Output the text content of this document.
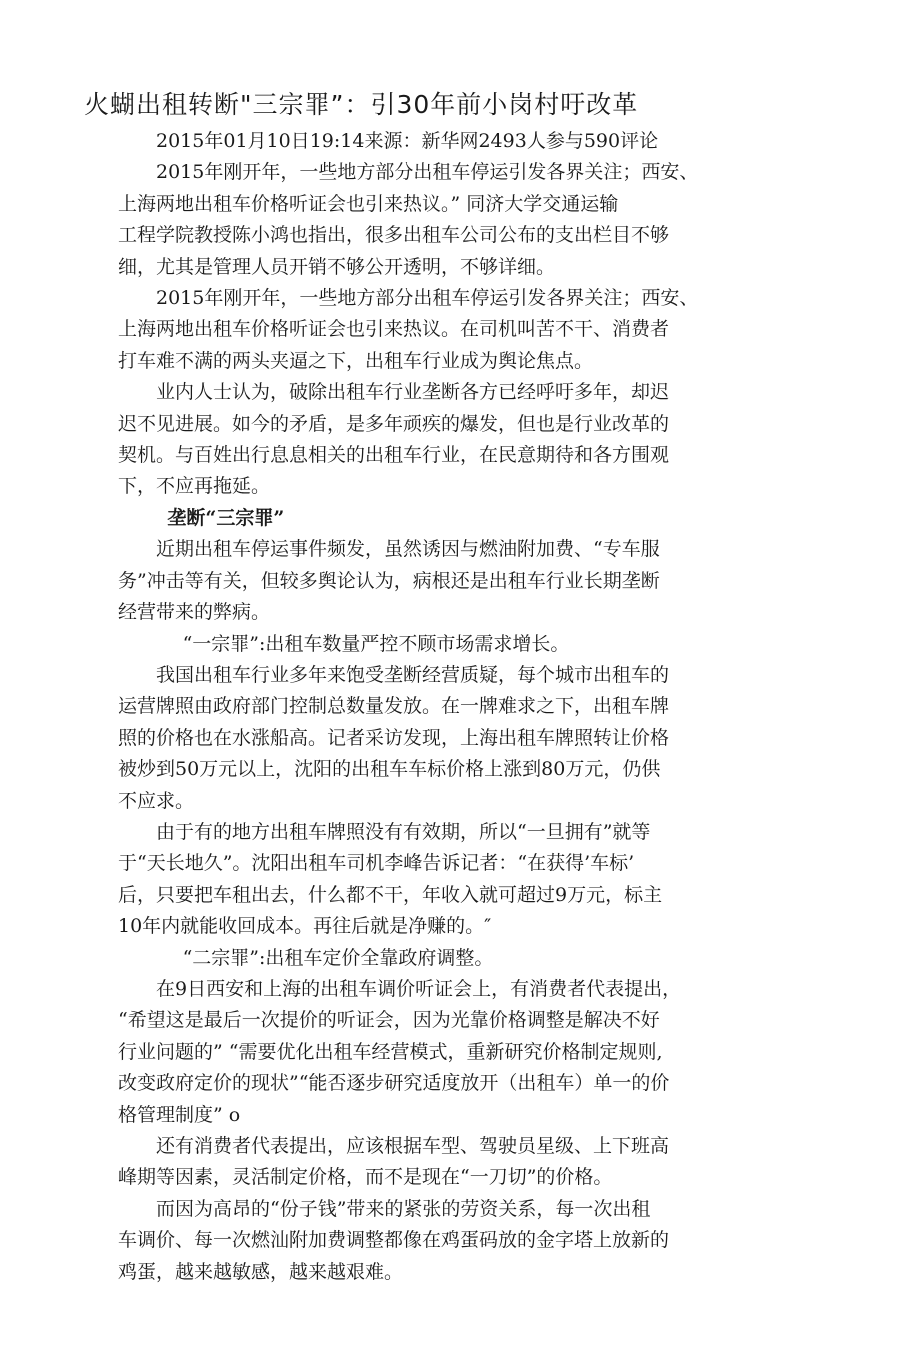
火蝴出租转断"三宗罪”：引30年前小岗村吁改革

2015年01月10日19:14来源：新华网2493人参与590评论

2015年刚开年，一些地方部分出租车停运引发各界关注；西安、
上海两地出租车价格听证会也引来热议。” 同济大学交通运输
工程学院教授陈小鸿也指出，很多出租车公司公布的支出栏目不够
细，尤其是管理人员开销不够公开透明，不够详细。

2015年刚开年，一些地方部分出租车停运引发各界关注；西安、
上海两地出租车价格听证会也引来热议。在司机叫苦不干、消费者
打车难不满的两头夹逼之下，出租车行业成为舆论焦点。

业内人士认为，破除出租车行业垄断各方已经呼吁多年，却迟
迟不见进展。如今的矛盾，是多年顽疾的爆发，但也是行业改革的
契机。与百姓出行息息相关的出租车行业，在民意期待和各方围观
下，不应再拖延。

垄断“三宗罪”

近期出租车停运事件频发，虽然诱因与燃油附加费、“专车服
务”冲击等有关，但较多舆论认为，病根还是出租车行业长期垄断
经营带来的弊病。

“一宗罪”:出租车数量严控不顾市场需求增长。

我国出租车行业多年来饱受垄断经营质疑，每个城市出租车的
运营牌照由政府部门控制总数量发放。在一牌难求之下，出租车牌
照的价格也在水涨船高。记者采访发现，上海出租车牌照转让价格
被炒到50万元以上，沈阳的出租车车标价格上涨到80万元，仍供
不应求。

由于有的地方出租车牌照没有有效期，所以“一旦拥有”就等
于“天长地久”。沈阳出租车司机李峰告诉记者：“在获得’车标’
后，只要把车租出去，什么都不干，年收入就可超过9万元，标主
10年内就能收回成本。再往后就是净赚的。″

“二宗罪”:出租车定价全靠政府调整。

在9日西安和上海的出租车调价听证会上，有消费者代表提出，
“希望这是最后一次提价的听证会，因为光靠价格调整是解决不好
行业问题的” “需要优化出租车经营模式，重新研究价格制定规则,
改变政府定价的现状”“能否逐步研究适度放开（出租车）单一的价
格管理制度” o

还有消费者代表提出，应该根据车型、驾驶员星级、上下班高
峰期等因素，灵活制定价格，而不是现在“一刀切”的价格。

而因为高昂的“份子钱”带来的紧张的劳资关系，每一次出租
车调价、每一次燃汕附加费调整都像在鸡蛋码放的金字塔上放新的
鸡蛋，越来越敏感，越来越艰难。
